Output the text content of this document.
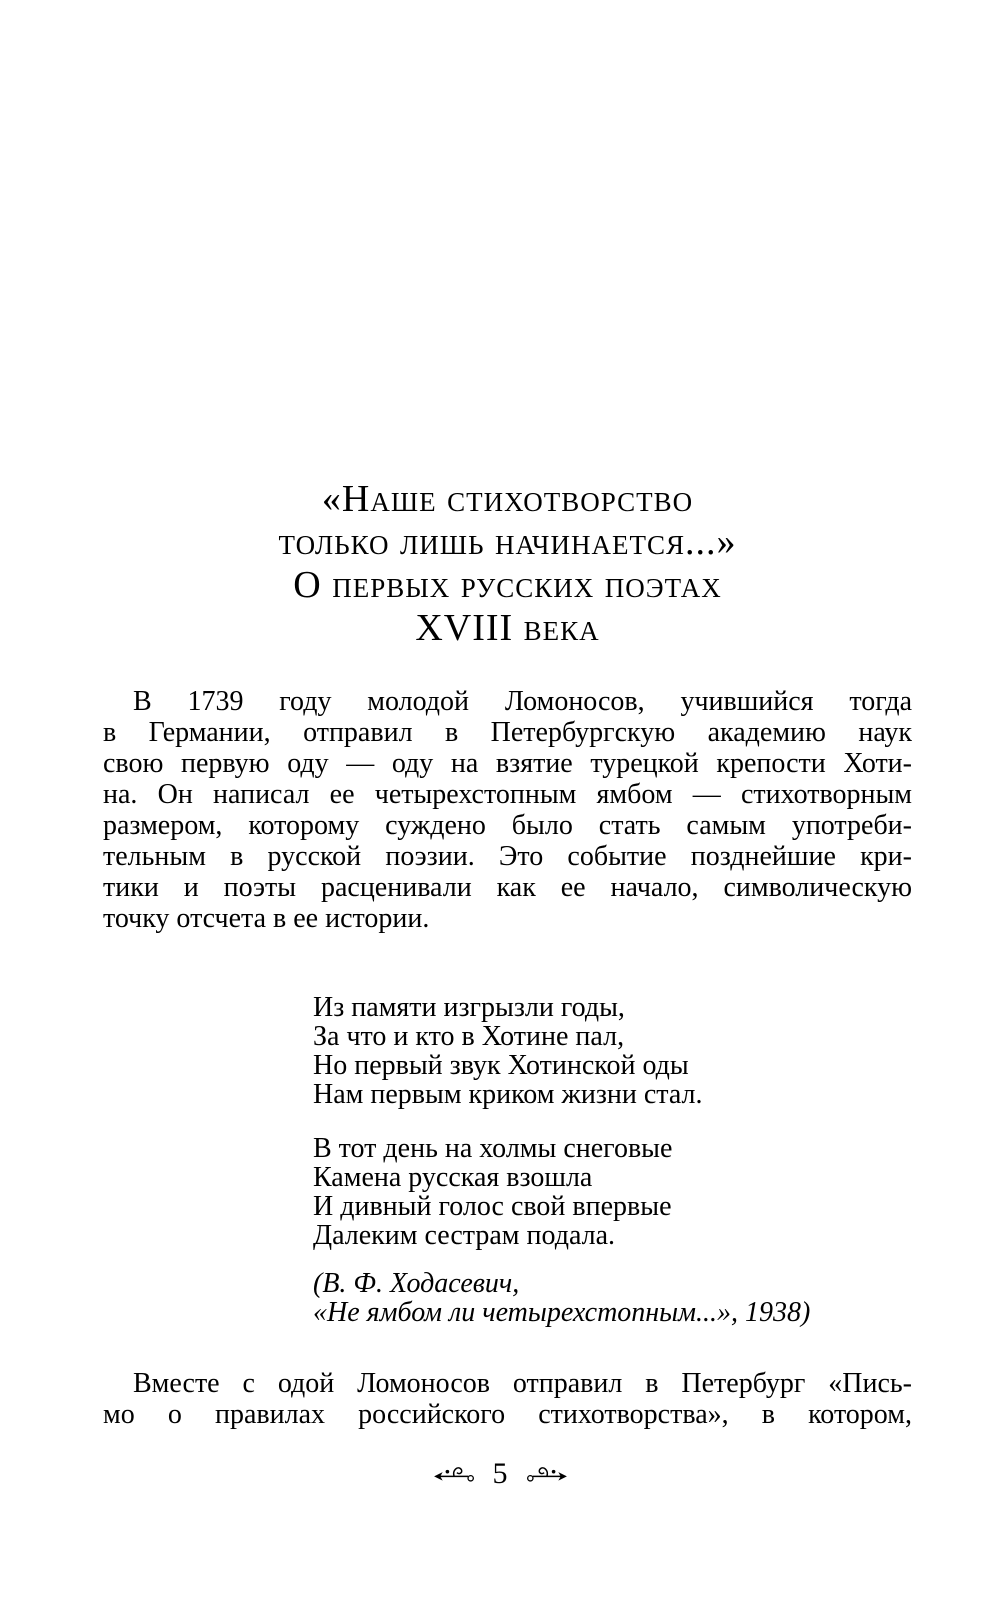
«Наше стихотворство
только лишь начинается...»
О первых русских поэтах
XVIII века
В 1739 году молодой Ломоносов, учившийся тогда
в Германии, отправил в Петербургскую академию наук
свою первую оду — оду на взятие турецкой крепости Хоти-
на. Он написал ее четырехстопным ямбом — стихотворным
размером, которому суждено было стать самым употреби-
тельным в русской поэзии. Это событие позднейшие кри-
тики и поэты расценивали как ее начало, символическую
точку отсчета в ее истории.
Из памяти изгрызли годы,
За что и кто в Хотине пал,
Но первый звук Хотинской оды
Нам первым криком жизни стал.
В тот день на холмы снеговые
Камена русская взошла
И дивный голос свой впервые
Далеким сестрам подала.
(В. Ф. Ходасевич,
«Не ямбом ли четырехстопным...», 1938)
Вместе с одой Ломоносов отправил в Петербург «Пись-
мо о правилах российского стихотворства», в котором,
5
